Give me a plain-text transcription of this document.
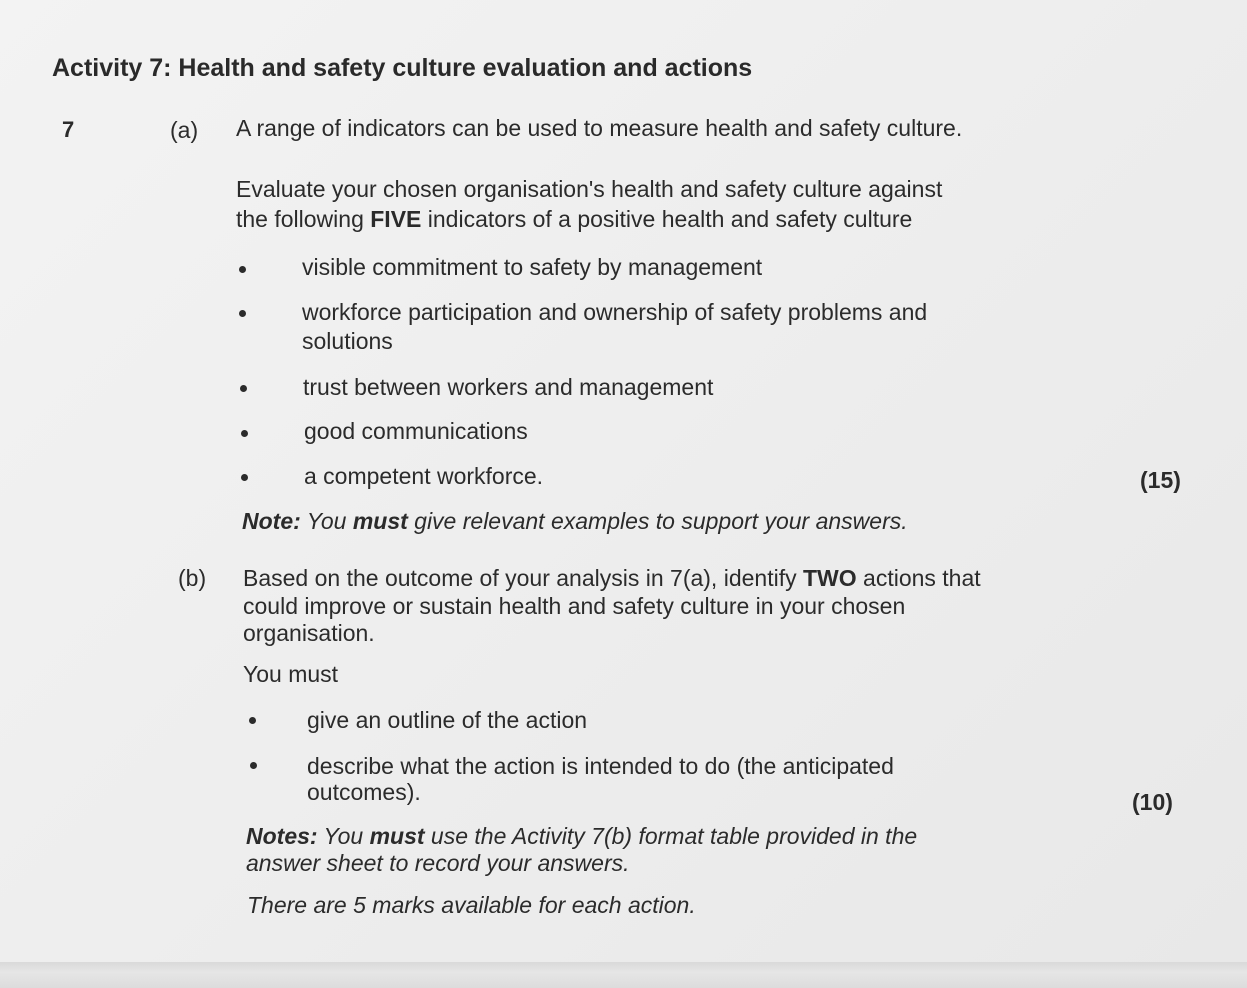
Activity 7: Health and safety culture evaluation and actions
7	(a) A range of indicators can be used to measure health and safety culture.
Evaluate your chosen organisation's health and safety culture against
the following FIVE indicators of a positive health and safety culture
visible commitment to safety by management
workforce participation and ownership of safety problems and
solutions
trust between workers and management
good communications
a competent workforce.	(15)
Note: You must give relevant examples to support your answers.
(b) Based on the outcome of your analysis in 7(a), identify TWO actions that
could improve or sustain health and safety culture in your chosen
organisation.
You must
give an outline of the action
describe what the action is intended to do (the anticipated
outcomes).	(10)
Notes: You must use the Activity 7(b) format table provided in the
answer sheet to record your answers.
There are 5 marks available for each action.
